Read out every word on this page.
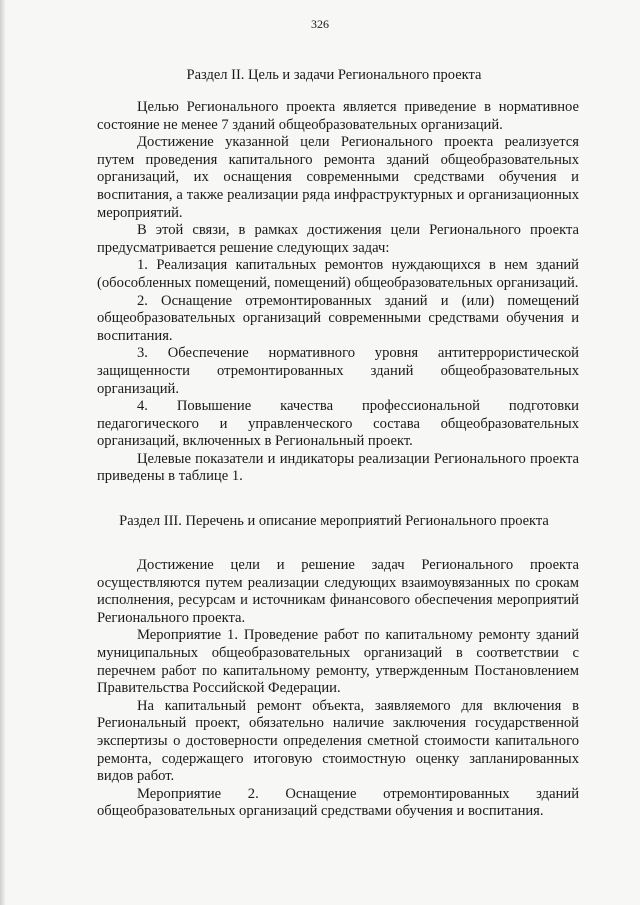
326
Раздел II. Цель и задачи Регионального проекта

Целью Регионального проекта является приведение в нормативное состояние не менее 7 зданий общеобразовательных организаций.

Достижение указанной цели Регионального проекта реализуется путем проведения капитального ремонта зданий общеобразовательных организаций, их оснащения современными средствами обучения и воспитания, а также реализации ряда инфраструктурных и организационных мероприятий.

В этой связи, в рамках достижения цели Регионального проекта предусматривается решение следующих задач:

1. Реализация капитальных ремонтов нуждающихся в нем зданий (обособленных помещений, помещений) общеобразовательных организаций.

2. Оснащение отремонтированных зданий и (или) помещений общеобразовательных организаций современными средствами обучения и воспитания.

3. Обеспечение нормативного уровня антитеррористической защищенности отремонтированных зданий общеобразовательных организаций.

4. Повышение качества профессиональной подготовки педагогического и управленческого состава общеобразовательных организаций, включенных в Региональный проект.

Целевые показатели и индикаторы реализации Регионального проекта приведены в таблице 1.

Раздел III. Перечень и описание мероприятий Регионального проекта

Достижение цели и решение задач Регионального проекта осуществляются путем реализации следующих взаимоувязанных по срокам исполнения, ресурсам и источникам финансового обеспечения мероприятий Регионального проекта.

Мероприятие 1. Проведение работ по капитальному ремонту зданий муниципальных общеобразовательных организаций в соответствии с перечнем работ по капитальному ремонту, утвержденным Постановлением Правительства Российской Федерации.

На капитальный ремонт объекта, заявляемого для включения в Региональный проект, обязательно наличие заключения государственной экспертизы о достоверности определения сметной стоимости капитального ремонта, содержащего итоговую стоимостную оценку запланированных видов работ.

Мероприятие 2. Оснащение отремонтированных зданий общеобразовательных организаций средствами обучения и воспитания.
